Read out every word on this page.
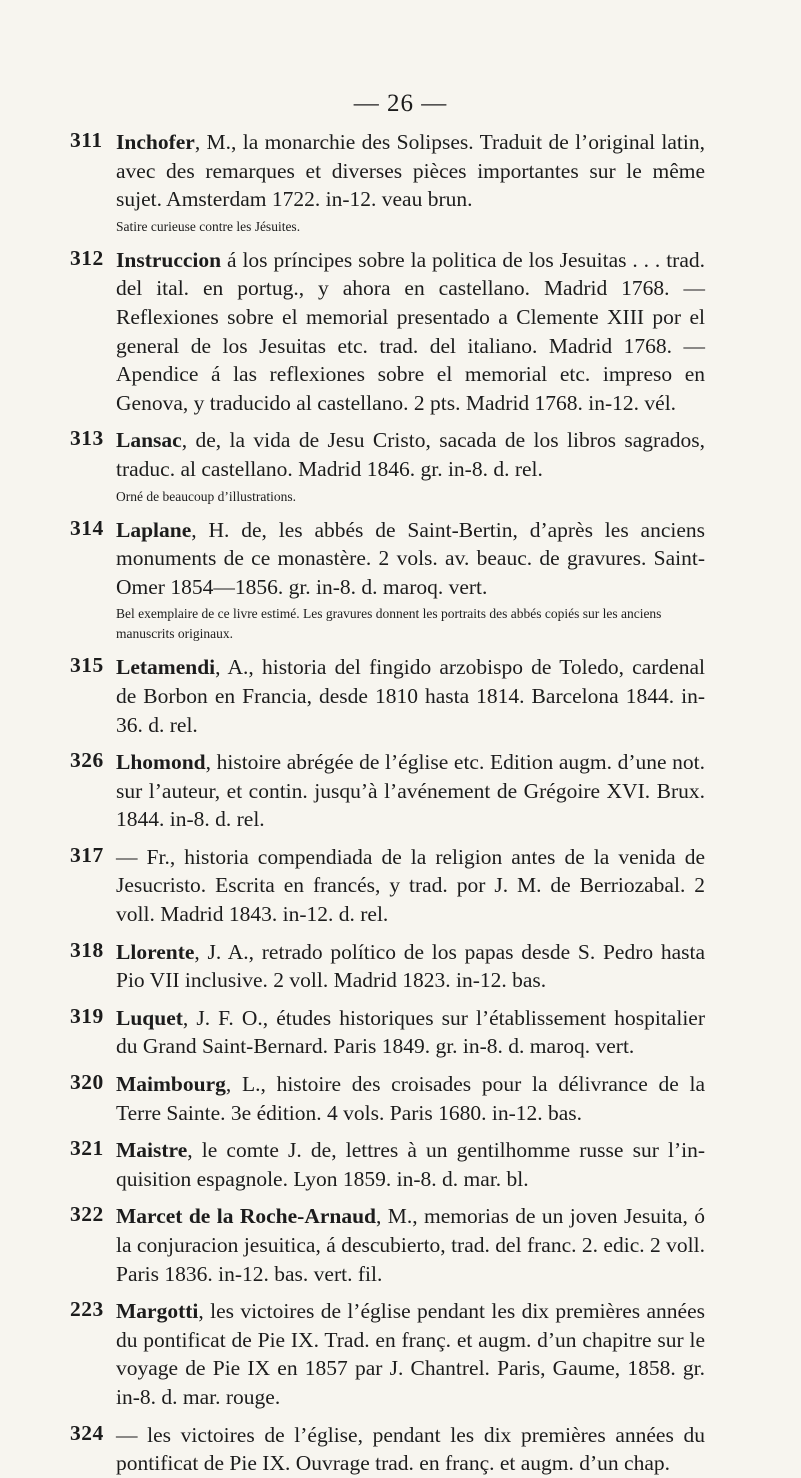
— 26 —
311 Inchofer, M., la monarchie des Solipses. Traduit de l’original latin, avec des remarques et diverses pièces importantes sur le même sujet. Amsterdam 1722. in-12. veau brun.
Satire curieuse contre les Jésuites.
312 Instruccion á los príncipes sobre la politica de los Jesuitas . . . trad. del ital. en portug., y ahora en castellano. Madrid 1768. — Reflexiones sobre el memorial presentado a Clemente XIII por el general de los Jesuitas etc. trad. del italiano. Madrid 1768. — Apendice á las reflexiones sobre el memorial etc. impreso en Genova, y traducido al castellano. 2 pts. Madrid 1768. in-12. vél.
313 Lansac, de, la vida de Jesu Cristo, sacada de los libros sagrados, traduc. al castellano. Madrid 1846. gr. in-8. d. rel.
Orné de beaucoup d’illustrations.
314 Laplane, H. de, les abbés de Saint-Bertin, d’après les anciens monuments de ce monastère. 2 vols. av. beauc. de gravures. Saint-Omer 1854—1856. gr. in-8. d. maroq. vert.
Bel exemplaire de ce livre estimé. Les gravures donnent les portraits des abbés copiés sur les anciens manuscrits originaux.
315 Letamendi, A., historia del fingido arzobispo de Toledo, cardenal de Borbon en Francia, desde 1810 hasta 1814. Barcelona 1844. in-36. d. rel.
326 Lhomond, histoire abrégée de l’église etc. Edition augm. d’une not. sur l’auteur, et contin. jusqu’à l’avénement de Grégoire XVI. Brux. 1844. in-8. d. rel.
317 — Fr., historia compendiada de la religion antes de la venida de Jesucristo. Escrita en francés, y trad. por J. M. de Berriozabal. 2 voll. Madrid 1843. in-12. d. rel.
318 Llorente, J. A., retrado político de los papas desde S. Pedro hasta Pio VII inclusive. 2 voll. Madrid 1823. in-12. bas.
319 Luquet, J. F. O., études historiques sur l’établissement hospitalier du Grand Saint-Bernard. Paris 1849. gr. in-8. d. maroq. vert.
320 Maimbourg, L., histoire des croisades pour la délivrance de la Terre Sainte. 3e édition. 4 vols. Paris 1680. in-12. bas.
321 Maistre, le comte J. de, lettres à un gentilhomme russe sur l’in-quisition espagnole. Lyon 1859. in-8. d. mar. bl.
322 Marcet de la Roche-Arnaud, M., memorias de un joven Jesuita, ó la conjuracion jesuitica, á descubierto, trad. del franc. 2. edic. 2 voll. Paris 1836. in-12. bas. vert. fil.
223 Margotti, les victoires de l’église pendant les dix premières années du pontificat de Pie IX. Trad. en franç. et augm. d’un chapitre sur le voyage de Pie IX en 1857 par J. Chantrel. Paris, Gaume, 1858. gr. in-8. d. mar. rouge.
324 — les victoires de l’église, pendant les dix premières années du pontificat de Pie IX. Ouvrage trad. en franç. et augm. d’un chap.
